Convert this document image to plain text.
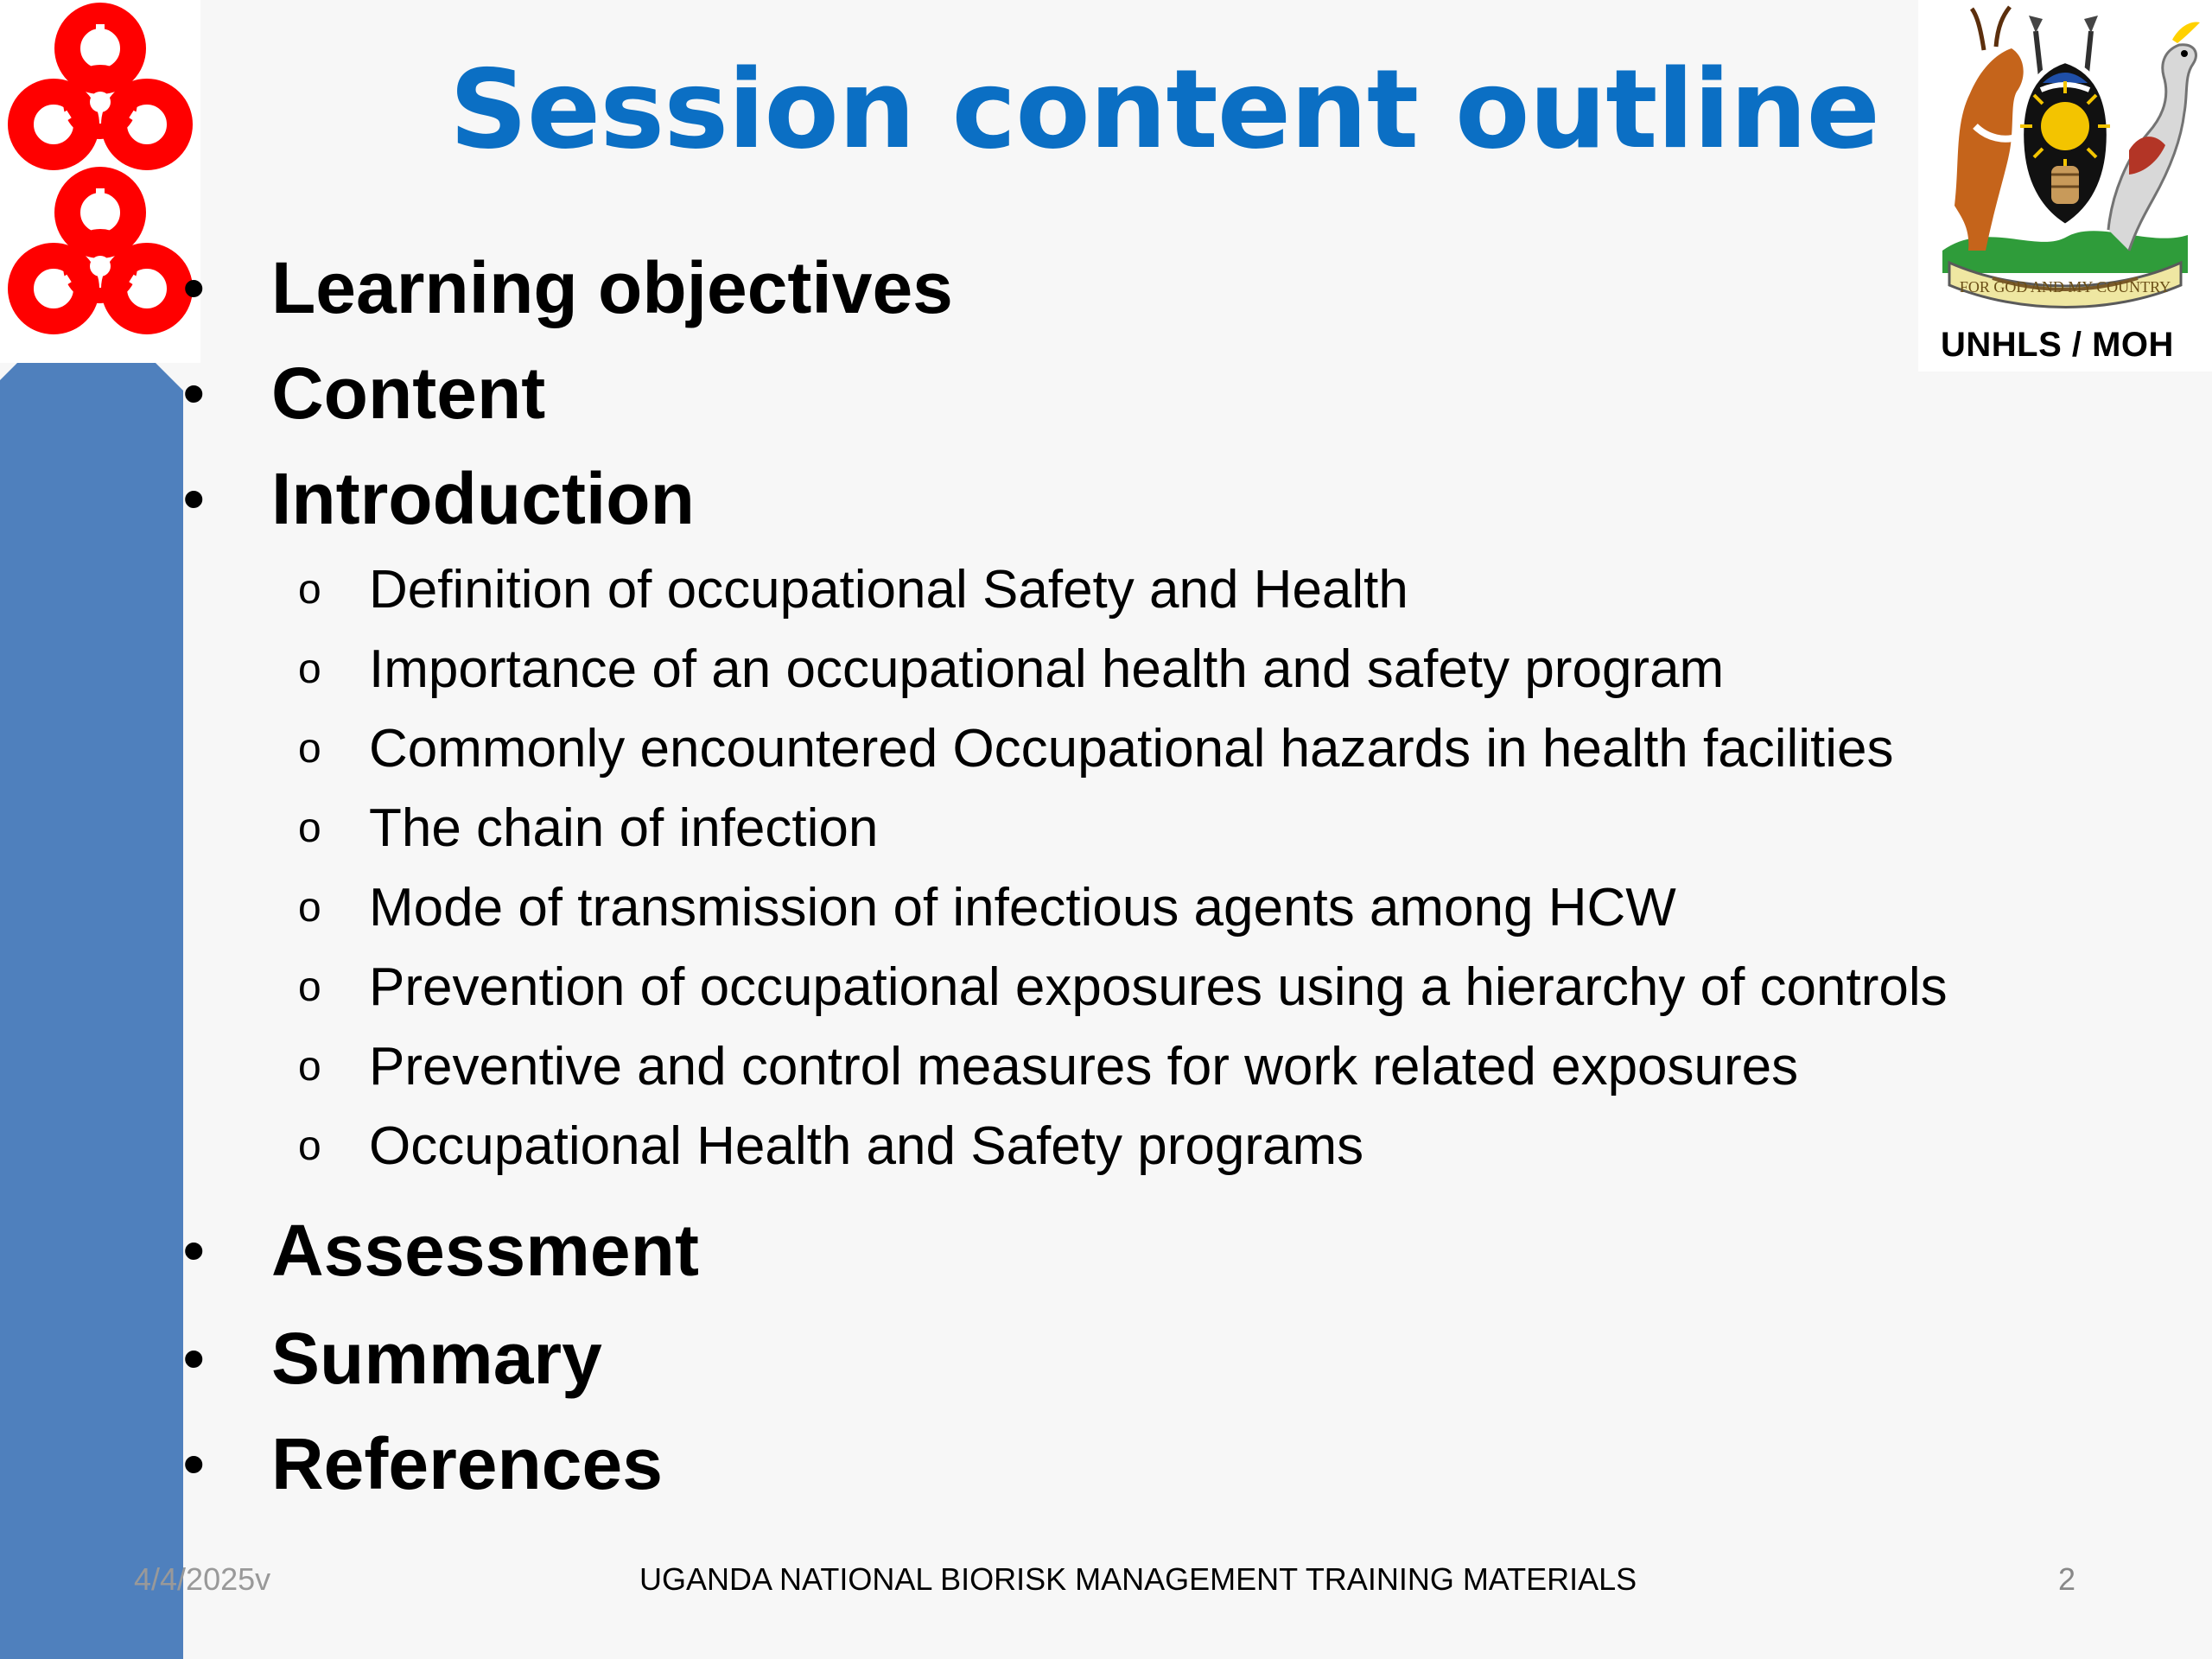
FOR GOD AND MY COUNTRY
UNHLS / MOH
Session content outline
• Learning objectives
• Content
• Introduction
o Definition of occupational Safety and Health
o Importance of an occupational health and safety program
o Commonly encountered Occupational hazards in health facilities
o The chain of infection
o Mode of transmission of infectious agents among HCW
o Prevention of occupational exposures using a hierarchy of controls
o Preventive and control measures for work related exposures
o Occupational Health and Safety programs
• Assessment
• Summary
• References
4/4/2025v	UGANDA NATIONAL BIORISK MANAGEMENT TRAINING MATERIALS	2
